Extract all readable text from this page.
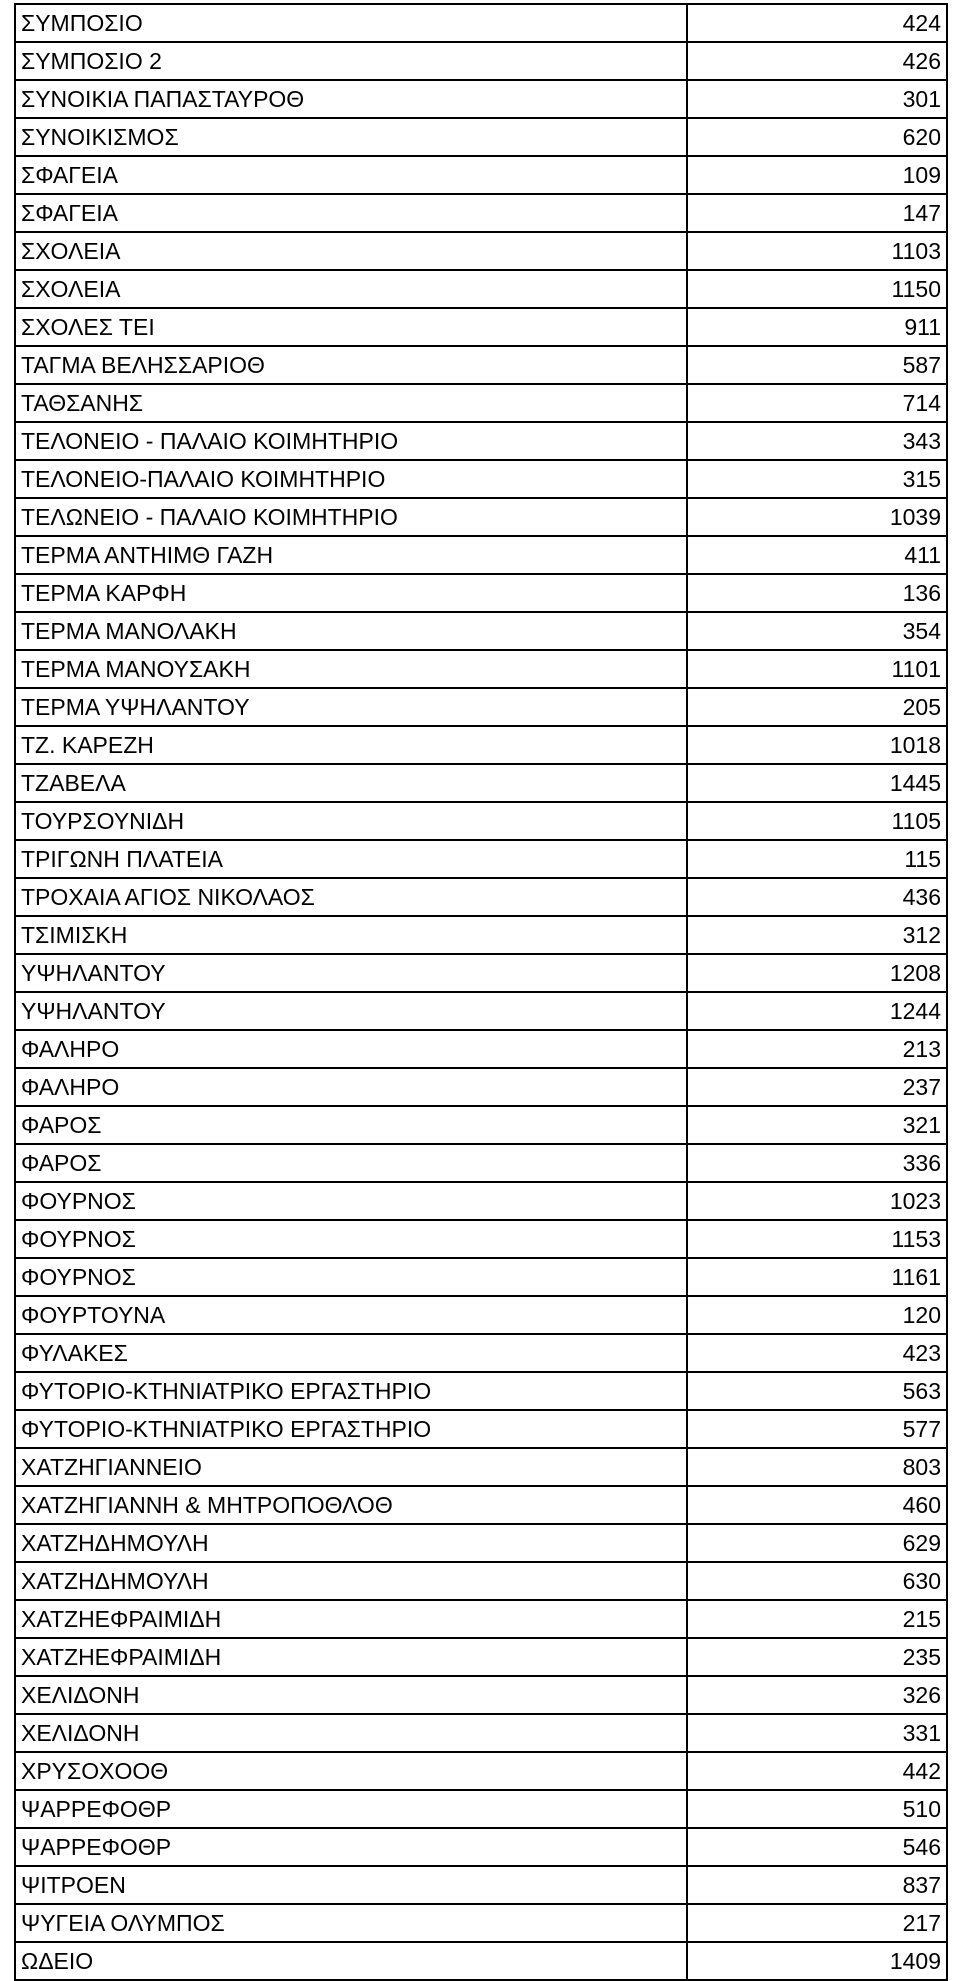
ΣΥΜΠΟΣΙΟ	424
ΣΥΜΠΟΣΙΟ 2	426
ΣΥΝΟΙΚΙΑ ΠΑΠΑΣΤΑΥΡΟΘ	301
ΣΥΝΟΙΚΙΣΜΟΣ	620
ΣΦΑΓΕΙΑ	109
ΣΦΑΓΕΙΑ	147
ΣΧΟΛΕΙΑ	1103
ΣΧΟΛΕΙΑ	1150
ΣΧΟΛΕΣ ΤΕΙ	911
ΤΑΓΜΑ ΒΕΛΗΣΣΑΡΙΟΘ	587
ΤΑΘΣΑΝΗΣ	714
ΤΕΛΟΝΕΙΟ - ΠΑΛΑΙΟ ΚΟΙΜΗΤΗΡΙΟ	343
ΤΕΛΟΝΕΙΟ-ΠΑΛΑΙΟ ΚΟΙΜΗΤΗΡΙΟ	315
ΤΕΛΩΝΕΙΟ - ΠΑΛΑΙΟ ΚΟΙΜΗΤΗΡΙΟ	1039
ΤΕΡΜΑ ΑΝΤΗΙΜΘ ΓΑΖΗ	411
ΤΕΡΜΑ ΚΑΡΦΗ	136
ΤΕΡΜΑ ΜΑΝΟΛΑΚΗ	354
ΤΕΡΜΑ ΜΑΝΟΥΣΑΚΗ	1101
ΤΕΡΜΑ ΥΨΗΛΑΝΤΟΥ	205
ΤΖ. ΚΑΡΕΖΗ	1018
ΤΖΑΒΕΛΑ	1445
ΤΟΥΡΣΟΥΝΙΔΗ	1105
ΤΡΙΓΩΝΗ ΠΛΑΤΕΙΑ	115
ΤΡΟΧΑΙΑ ΑΓΙΟΣ ΝΙΚΟΛΑΟΣ	436
ΤΣΙΜΙΣΚΗ	312
ΥΨΗΛΑΝΤΟΥ	1208
ΥΨΗΛΑΝΤΟΥ	1244
ΦΑΛΗΡΟ	213
ΦΑΛΗΡΟ	237
ΦΑΡΟΣ	321
ΦΑΡΟΣ	336
ΦΟΥΡΝΟΣ	1023
ΦΟΥΡΝΟΣ	1153
ΦΟΥΡΝΟΣ	1161
ΦΟΥΡΤΟΥΝΑ	120
ΦΥΛΑΚΕΣ	423
ΦΥΤΟΡΙΟ-ΚΤΗΝΙΑΤΡΙΚΟ ΕΡΓΑΣΤΗΡΙΟ	563
ΦΥΤΟΡΙΟ-ΚΤΗΝΙΑΤΡΙΚΟ ΕΡΓΑΣΤΗΡΙΟ	577
ΧΑΤΖΗΓΙΑΝΝΕΙΟ	803
ΧΑΤΖΗΓΙΑΝΝΗ & ΜΗΤΡΟΠΟΘΛΟΘ	460
ΧΑΤΖΗΔΗΜΟΥΛΗ	629
ΧΑΤΖΗΔΗΜΟΥΛΗ	630
ΧΑΤΖΗΕΦΡΑΙΜΙΔΗ	215
ΧΑΤΖΗΕΦΡΑΙΜΙΔΗ	235
ΧΕΛΙΔΟΝΗ	326
ΧΕΛΙΔΟΝΗ	331
ΧΡΥΣΟΧΟΟΘ	442
ΨΑΡΡΕΦΟΘΡ	510
ΨΑΡΡΕΦΟΘΡ	546
ΨΙΤΡΟΕΝ	837
ΨΥΓΕΙΑ ΟΛΥΜΠΟΣ	217
ΩΔΕΙΟ	1409
